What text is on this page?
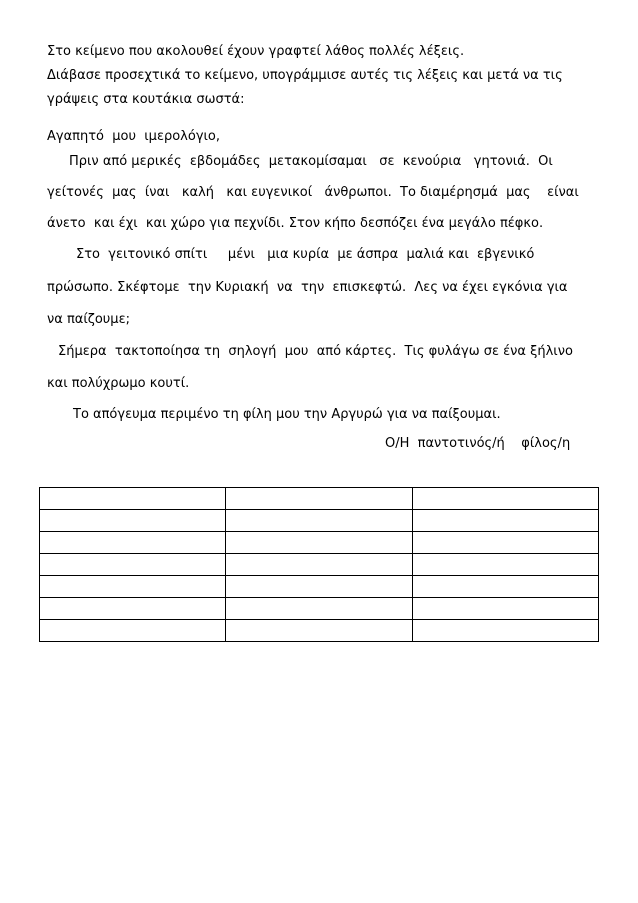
Στο κείμενο που ακολουθεί έχουν γραφτεί λάθος πολλές λέξεις.
Διάβασε προσεχτικά το κείμενο, υπογράμμισε αυτές τις λέξεις και μετά να τις
γράψεις στα κουτάκια σωστά:
Αγαπητό  μου  ιμερολόγιο,
Πριν από μερικές  εβδομάδες  μετακομίσαμαι   σε  κενούρια   γητονιά.  Οι
γείτονές  μας  ίναι   καλή   και ευγενικοί   άνθρωποι.  Το διαμέρησμά  μας    είναι
άνετο  και έχι  και χώρο για πεχνίδι. Στον κήπο δεσπόζει ένα μεγάλο πέφκο.
Στο  γειτονικό σπίτι     μένι   μια κυρία  με άσπρα  μαλιά και  εβγενικό
πρώσωπο. Σκέφτομε  την Κυριακή  να  την  επισκεφτώ.  Λες να έχει εγκόνια για
να παίζουμε;
Σήμερα  τακτοποίησα τη  σηλογή  μου  από κάρτες.  Τις φυλάγω σε ένα ξήλινο
και πολύχρωμο κουτί.
Το απόγευμα περιμένο τη φίλη μου την Αργυρώ για να παίξουμαι.
Ο/Η  παντοτινός/ή    φίλος/η
